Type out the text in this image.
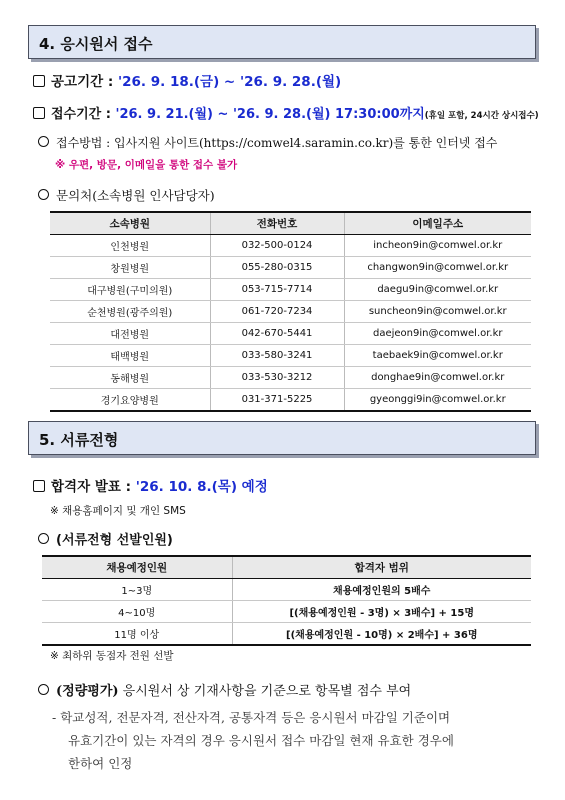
4. 응시원서 접수
공고기간 : '26. 9. 18.(금) ~ '26. 9. 28.(월)
접수기간 : '26. 9. 21.(월) ~ '26. 9. 28.(월) 17:30:00까지(휴일 포함, 24시간 상시접수)
접수방법 : 입사지원 사이트(https://comwel4.saramin.co.kr)를 통한 인터넷 접수
※ 우편, 방문, 이메일을 통한 접수 불가
문의처(소속병원 인사담당자)
소속병원	전화번호	이메일주소
인천병원	032-500-0124	incheon9in@comwel.or.kr
창원병원	055-280-0315	changwon9in@comwel.or.kr
대구병원(구미의원)	053-715-7714	daegu9in@comwel.or.kr
순천병원(광주의원)	061-720-7234	suncheon9in@comwel.or.kr
대전병원	042-670-5441	daejeon9in@comwel.or.kr
태백병원	033-580-3241	taebaek9in@comwel.or.kr
동해병원	033-530-3212	donghae9in@comwel.or.kr
경기요양병원	031-371-5225	gyeonggi9in@comwel.or.kr
5. 서류전형
합격자 발표 : '26. 10. 8.(목) 예정
※ 채용홈페이지 및 개인 SMS
(서류전형 선발인원)
채용예정인원	합격자 범위
1~3명	채용예정인원의 5배수
4~10명	[(채용예정인원 - 3명) × 3배수] + 15명
11명 이상	[(채용예정인원 - 10명) × 2배수] + 36명
※ 최하위 동점자 전원 선발
(정량평가) 응시원서 상 기재사항을 기준으로 항목별 점수 부여
- 학교성적, 전문자격, 전산자격, 공통자격 등은 응시원서 마감일 기준이며
유효기간이 있는 자격의 경우 응시원서 접수 마감일 현재 유효한 경우에
한하여 인정
